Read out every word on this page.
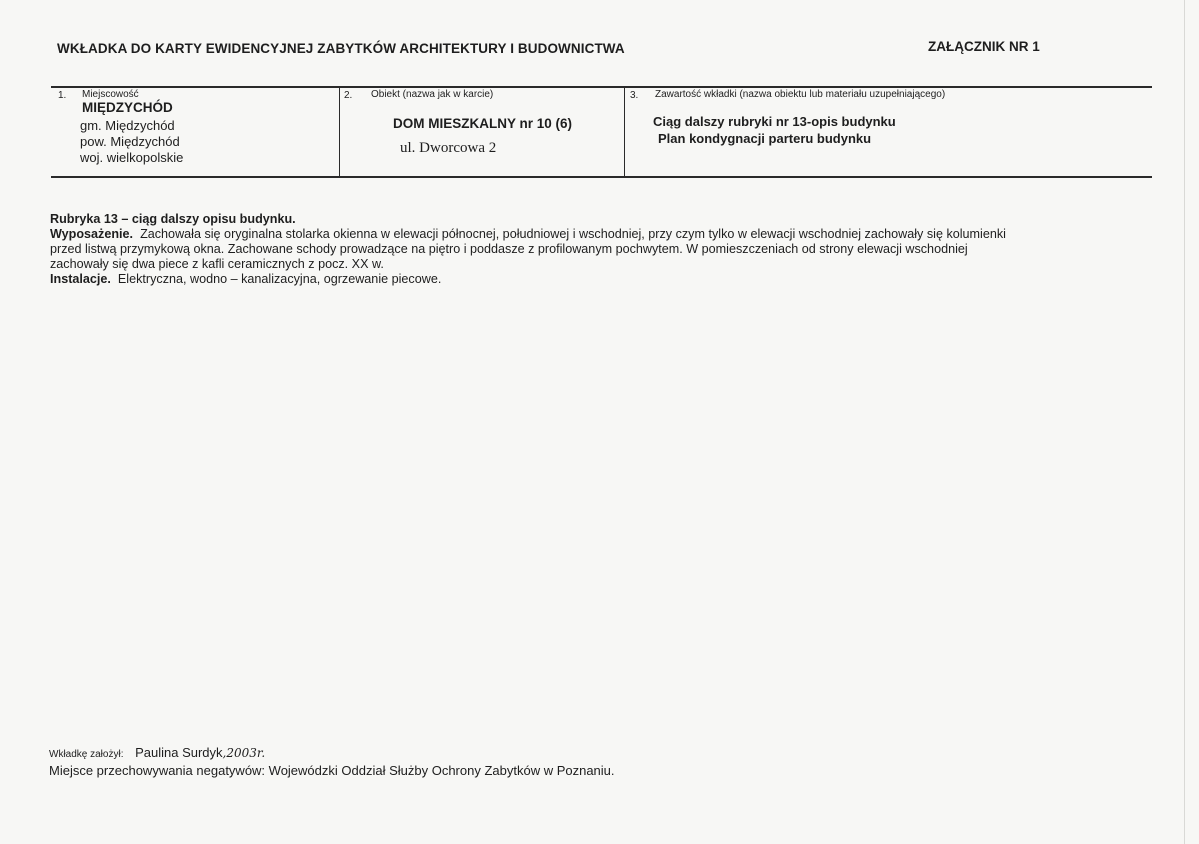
WKŁADKA DO KARTY EWIDENCYJNEJ ZABYTKÓW ARCHITEKTURY I BUDOWNICTWA	ZAŁĄCZNIK NR 1
1. Miejscowość
MIĘDZYCHÓD
gm. Międzychód
pow. Międzychód
woj. wielkopolskie
2. Obiekt (nazwa jak w karcie)
DOM MIESZKALNY nr 10 (6)
ul. Dworcowa 2
3. Zawartość wkładki (nazwa obiektu lub materiału uzupełniającego)
Ciąg dalszy rubryki nr 13-opis budynku
Plan kondygnacji parteru budynku

Rubryka 13 – ciąg dalszy opisu budynku.

Wyposażenie. Zachowała się oryginalna stolarka okienna w elewacji północnej, południowej i wschodniej, przy czym tylko w elewacji wschodniej zachowały się kolumienki

przed listwą przymykową okna. Zachowane schody prowadzące na piętro i poddasze z profilowanym pochwytem. W pomieszczeniach od strony elewacji wschodniej

zachowały się dwa piece z kafli ceramicznych z pocz. XX w.

Instalacje. Elektryczna, wodno – kanalizacyjna, ogrzewanie piecowe.

Wkładkę założył: Paulina Surdyk,2003r.
Miejsce przechowywania negatywów: Wojewódzki Oddział Służby Ochrony Zabytków w Poznaniu.
